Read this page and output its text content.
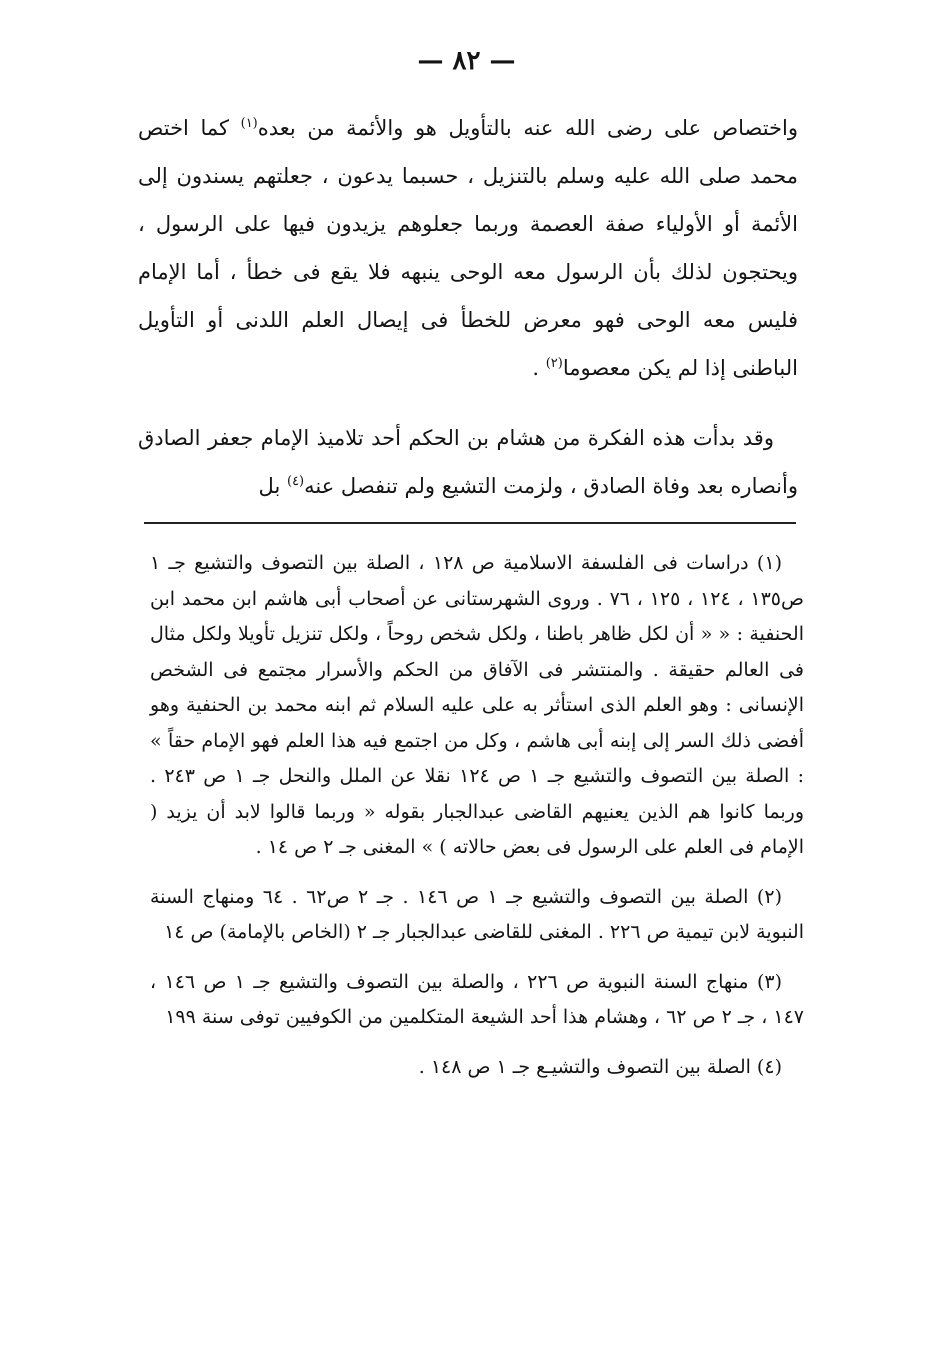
— ٨٢ —

واختصاص على رضى الله عنه بالتأويل هو والأئمة من بعده$^{(١)}$ كما اختص محمد صلى الله عليه وسلم بالتنزيل ، حسبما يدعون ، جعلتهم يسندون إلى الأئمة أو الأولياء صفة العصمة وربما جعلوهم يزيدون فيها على الرسول ، ويحتجون لذلك بأن الرسول معه الوحى ينبهه فلا يقع فى خطأ ، أما الإمام فليس معه الوحى فهو معرض للخطأ فى إيصال العلم اللدنى أو التأويل الباطنى إذا لم يكن معصوما$^{(٢)}$ .

وقد بدأت هذه الفكرة من هشام بن الحكم أحد تلاميذ الإمام جعفر الصادق وأنصاره بعد وفاة الصادق ، ولزمت التشيع ولم تنفصل عنه$^{(٤)}$ بل

(١) دراسات فى الفلسفة الاسلامية ص ١٢٨ ، الصلة بين التصوف والتشيع جـ ١ ص١٣٥ ، ١٢٤ ، ١٢٥ ، ٧٦ . وروى الشهرستانى عن أصحاب أبى هاشم ابن محمد ابن الحنفية : « « أن لكل ظاهر باطنا ، ولكل شخص روحاً ، ولكل تنزيل تأويلا ولكل مثال فى العالم حقيقة . والمنتشر فى الآفاق من الحكم والأسرار مجتمع فى الشخص الإنسانى : وهو العلم الذى استأثر به على عليه السلام ثم ابنه محمد بن الحنفية وهو أفضى ذلك السر إلى إبنه أبى هاشم ، وكل من اجتمع فيه هذا العلم فهو الإمام حقاً » : الصلة بين التصوف والتشيع جـ ١ ص ١٢٤ نقلا عن الملل والنحل جـ ١ ص ٢٤٣ . وربما كانوا هم الذين يعنيهم القاضى عبدالجبار بقوله « وربما قالوا لابد أن يزيد ( الإمام فى العلم على الرسول فى بعض حالاته ) » المغنى جـ ٢ ص ١٤ .

(٢) الصلة بين التصوف والتشيع جـ ١ ص ١٤٦ . جـ ٢ ص٦٢ . ٦٤ ومنهاج السنة النبوية لابن تيمية ص ٢٢٦ . المغنى للقاضى عبدالجبار جـ ٢ (الخاص بالإمامة) ص ١٤

(٣) منهاج السنة النبوية ص ٢٢٦ ، والصلة بين التصوف والتشيع جـ ١ ص ١٤٦ ، ١٤٧ ، جـ ٢ ص ٦٢ ، وهشام هذا أحد الشيعة المتكلمين من الكوفيين توفى سنة ١٩٩

(٤) الصلة بين التصوف والتشيـع جـ ١ ص ١٤٨ .
